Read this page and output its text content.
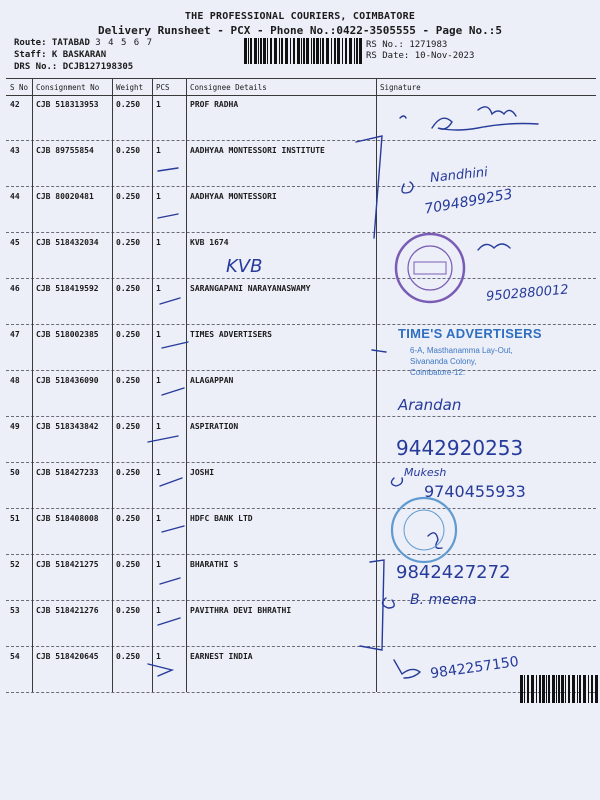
THE PROFESSIONAL COURIERS, COIMBATORE
Delivery Runsheet - PCX - Phone No.:0422-3505555 - Page No.:5
Route: TATABAD 3 4 5 6 7
Staff: K BASKARAN
DRS No.: DCJB127198305
RS No.: 1271983
RS Date: 10-Nov-2023
S No Consignment No Weight PCS	Consignee Details	Signature
42 CJB 518313953 0.250 1	PROF RADHA
43 CJB 89755854	0.250 1	AADHYAA MONTESSORI INSTITUTE
44 CJB 80020481	0.250 1	AADHYAA MONTESSORI
45 CJB 518432034 0.250 1	KVB 1674
46 CJB 518419592 0.250 1	SARANGAPANI NARAYANASWAMY
47 CJB 518002385 0.250 1	TIMES ADVERTISERS
48 CJB 518436090 0.250 1	ALAGAPPAN
49 CJB 518343842 0.250 1	ASPIRATION
50 CJB 518427233 0.250 1	JOSHI
51 CJB 518408008 0.250 1	HDFC BANK LTD
52 CJB 518421275 0.250 1	BHARATHI S
53 CJB 518421276 0.250 1	PAVITHRA DEVI BHRATHI
54 CJB 518420645 0.250 1	EARNEST INDIA
KVB
Nandhini
7094899253
9502880012
Arandan
9442920253
Mukesh
9740455933
9842427272
B. meena
9842257150
TIME'S ADVERTISERS
6-A, Masthanamma Lay-Out,
Sivananda Colony,
Coimbatore-12.
